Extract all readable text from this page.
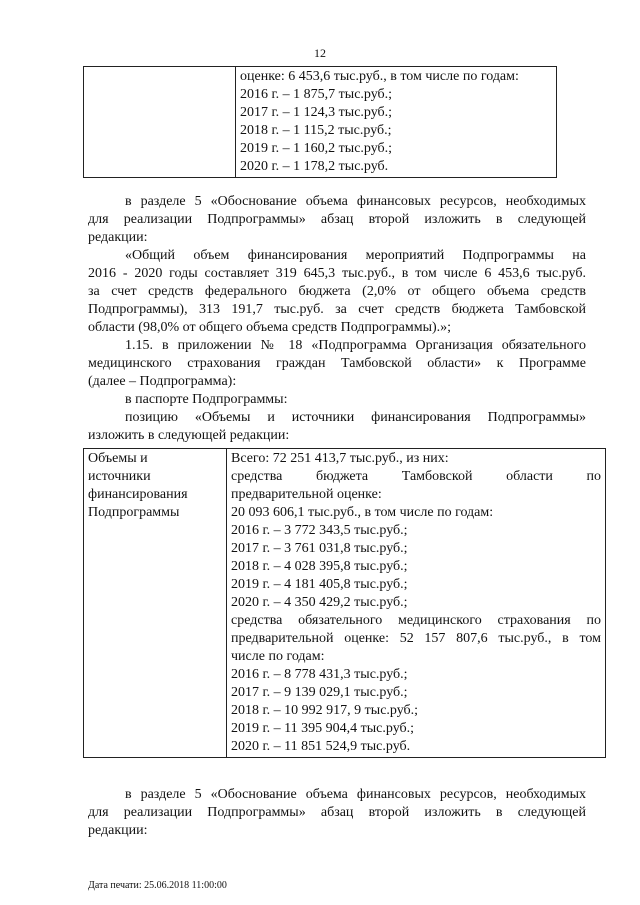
12

оценке: 6 453,6 тыс.руб., в том числе по годам:
2016 г. – 1 875,7 тыс.руб.;
2017 г. – 1 124,3 тыс.руб.;
2018 г. – 1 115,2 тыс.руб.;
2019 г. – 1 160,2 тыс.руб.;
2020 г. – 1 178,2 тыс.руб.
в разделе 5 «Обоснование объема финансовых ресурсов, необходимых
для реализации Подпрограммы» абзац второй изложить в следующей
редакции:
«Общий объем финансирования мероприятий Подпрограммы на
2016 - 2020 годы составляет 319 645,3 тыс.руб., в том числе 6 453,6 тыс.руб.
за счет средств федерального бюджета (2,0% от общего объема средств
Подпрограммы), 313 191,7 тыс.руб. за счет средств бюджета Тамбовской
области (98,0% от общего объема средств Подпрограммы).»;
1.15. в приложении № 18 «Подпрограмма Организация обязательного
медицинского страхования граждан Тамбовской области» к Программе
(далее – Подпрограмма):
в паспорте Подпрограммы:
позицию «Объемы и источники финансирования Подпрограммы»
изложить в следующей редакции:
Объемы и
источники
финансирования
Подпрограммы

Всего: 72 251 413,7 тыс.руб., из них:
средства бюджета Тамбовской области по
предварительной оценке:
20 093 606,1 тыс.руб., в том числе по годам:
2016 г. – 3 772 343,5 тыс.руб.;
2017 г. – 3 761 031,8 тыс.руб.;
2018 г. – 4 028 395,8 тыс.руб.;
2019 г. – 4 181 405,8 тыс.руб.;
2020 г. – 4 350 429,2 тыс.руб.;
средства обязательного медицинского страхования по
предварительной оценке: 52 157 807,6 тыс.руб., в том
числе по годам:
2016 г. – 8 778 431,3 тыс.руб.;
2017 г. – 9 139 029,1 тыс.руб.;
2018 г. – 10 992 917, 9 тыс.руб.;
2019 г. – 11 395 904,4 тыс.руб.;
2020 г. – 11 851 524,9 тыс.руб.
в разделе 5 «Обоснование объема финансовых ресурсов, необходимых
для реализации Подпрограммы» абзац второй изложить в следующей
редакции:
Дата печати: 25.06.2018 11:00:00
